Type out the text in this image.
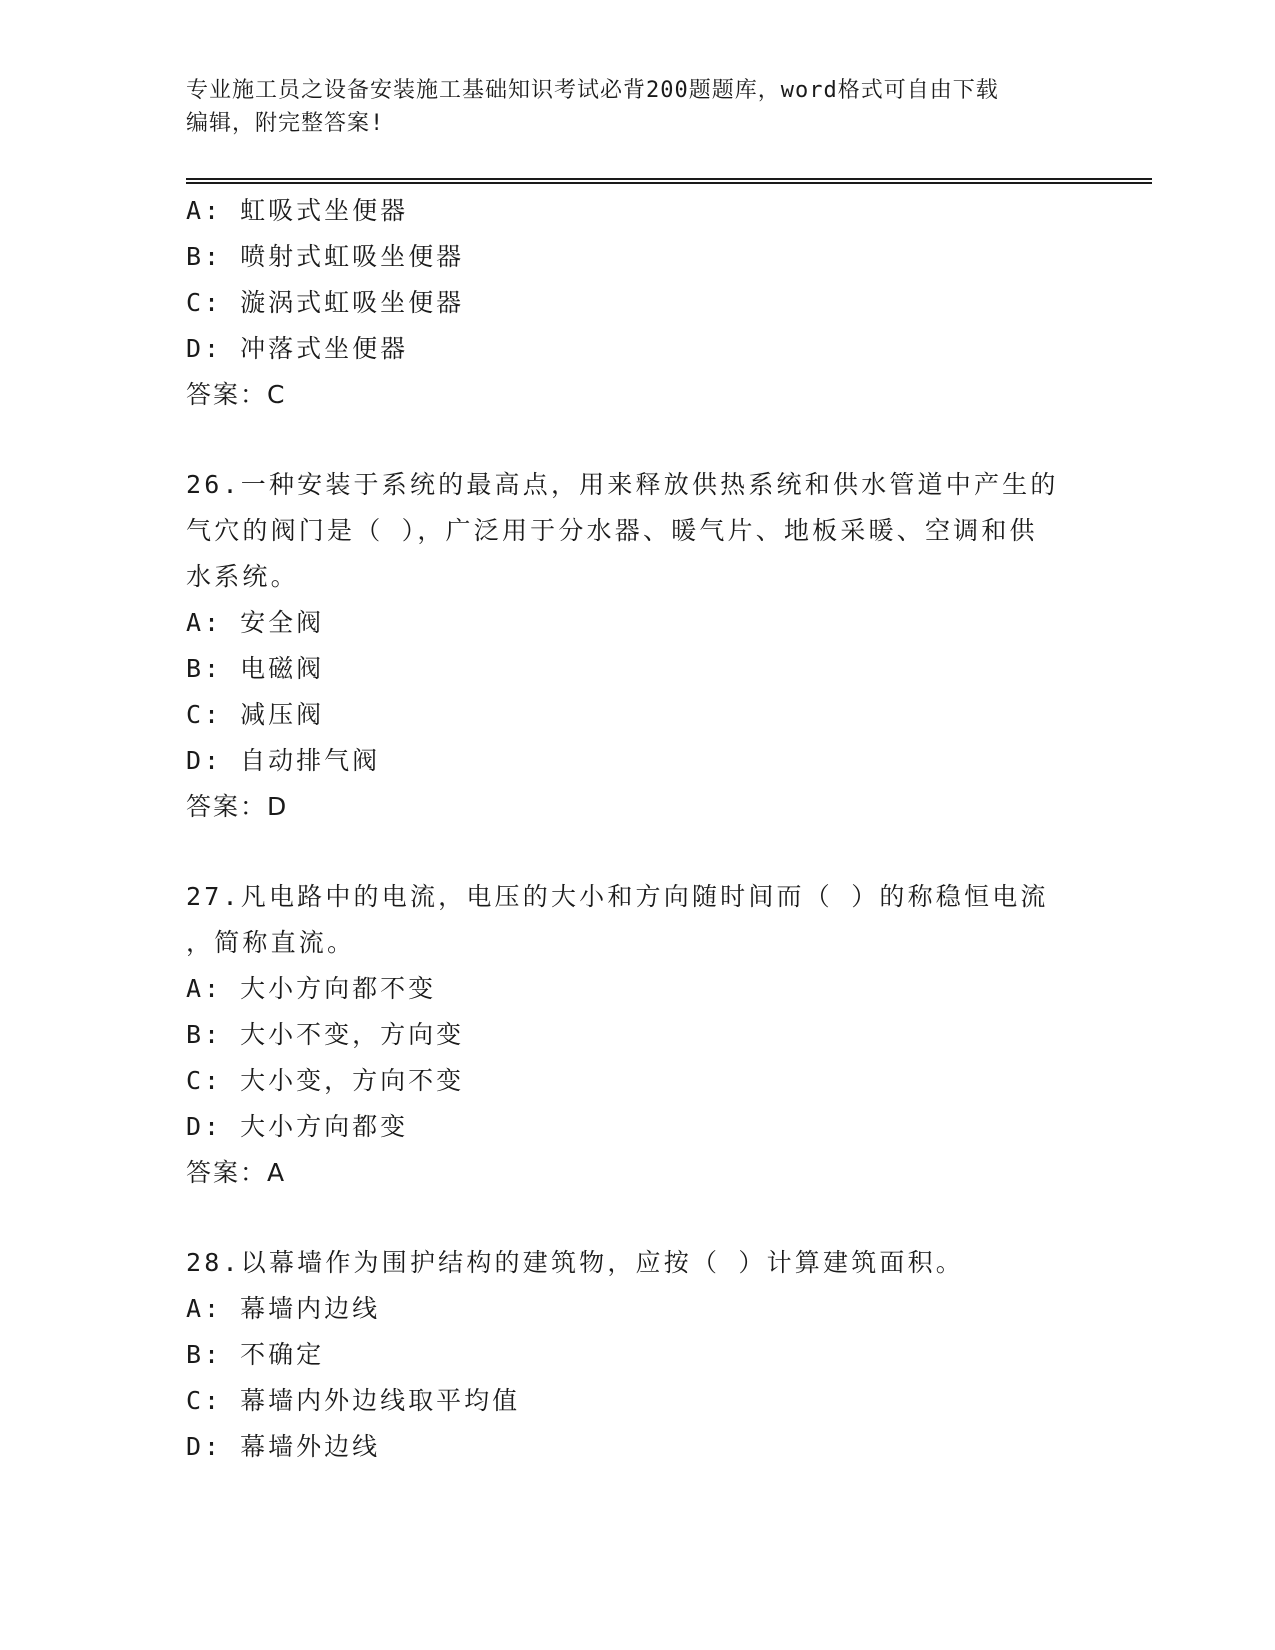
专业施工员之设备安装施工基础知识考试必背200题题库，word格式可自由下载
编辑，附完整答案!
A: 虹吸式坐便器
B: 喷射式虹吸坐便器
C: 漩涡式虹吸坐便器
D: 冲落式坐便器
答案：C
26.一种安装于系统的最高点，用来释放供热系统和供水管道中产生的
气穴的阀门是（ ），广泛用于分水器、暖气片、地板采暖、空调和供
水系统。
A: 安全阀
B: 电磁阀
C: 减压阀
D: 自动排气阀
答案：D
27.凡电路中的电流，电压的大小和方向随时间而（ ）的称稳恒电流
，简称直流。
A: 大小方向都不变
B: 大小不变，方向变
C: 大小变，方向不变
D: 大小方向都变
答案：A
28.以幕墙作为围护结构的建筑物，应按（ ）计算建筑面积。
A: 幕墙内边线
B: 不确定
C: 幕墙内外边线取平均值
D: 幕墙外边线
